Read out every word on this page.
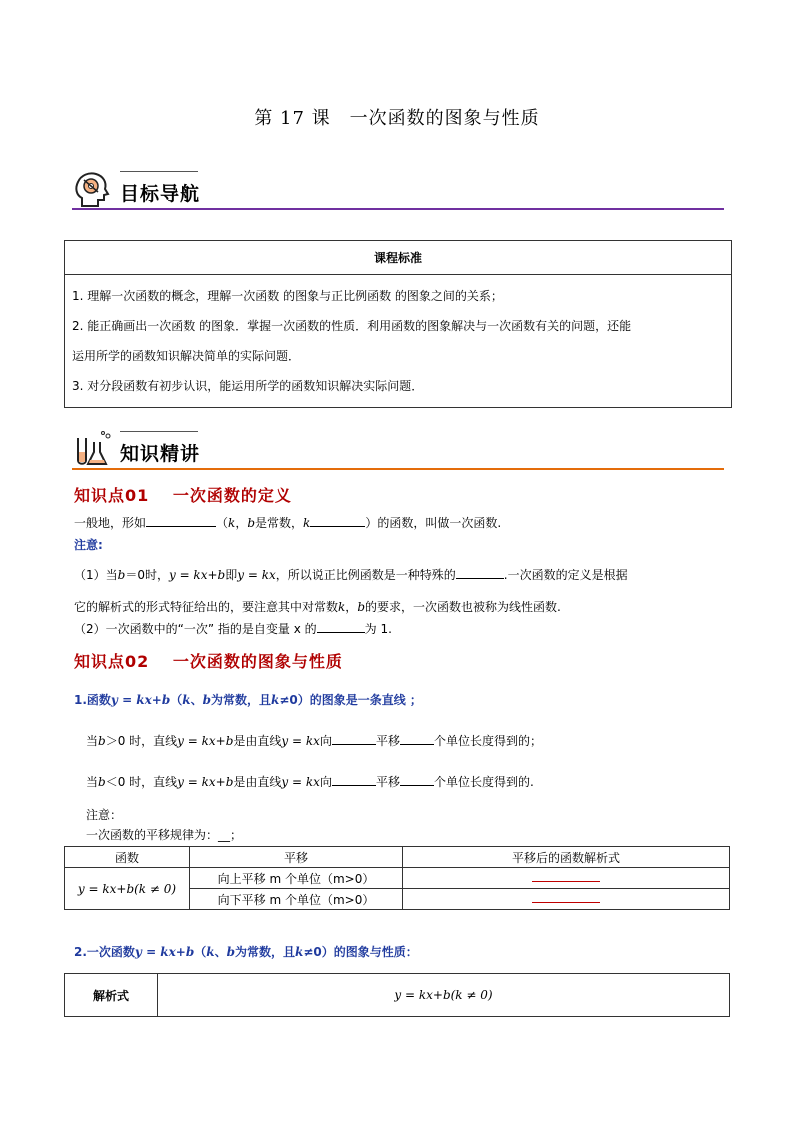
第 17 课　一次函数的图象与性质
目标导航
课程标准
1. 理解一次函数的概念，理解一次函数 的图象与正比例函数 的图象之间的关系；
2. 能正确画出一次函数 的图象．掌握一次函数的性质．利用函数的图象解决与一次函数有关的问题，还能
运用所学的函数知识解决简单的实际问题．
3. 对分段函数有初步认识，能运用所学的函数知识解决实际问题．
知识精讲
知识点01　 一次函数的定义
一般地，形如	（k，b是常数，k	）的函数，叫做一次函数.
注意:
（1）当b＝0时，y = kx+b即y = kx，所以说正比例函数是一种特殊的	.一次函数的定义是根据
它的解析式的形式特征给出的，要注意其中对常数k，b的要求，一次函数也被称为线性函数.
（2）一次函数中的“一次” 指的是自变量 x 的	为 1.
知识点02　 一次函数的图象与性质
1.函数y = kx+b（k、b为常数，且k≠0）的图象是一条直线 ；
当b＞0 时，直线y = kx+b是由直线y = kx向	平移	个单位长度得到的；
当b＜0 时，直线y = kx+b是由直线y = kx向	平移	个单位长度得到的.
注意：
一次函数的平移规律为：__；
函数	平移	平移后的函数解析式
y = kx+b(k ≠ 0)	向上平移 m 个单位（m>0）	
	向下平移 m 个单位（m>0）	
2.一次函数y = kx+b（k、b为常数，且k≠0）的图象与性质：
解析式	y = kx+b(k ≠ 0)
